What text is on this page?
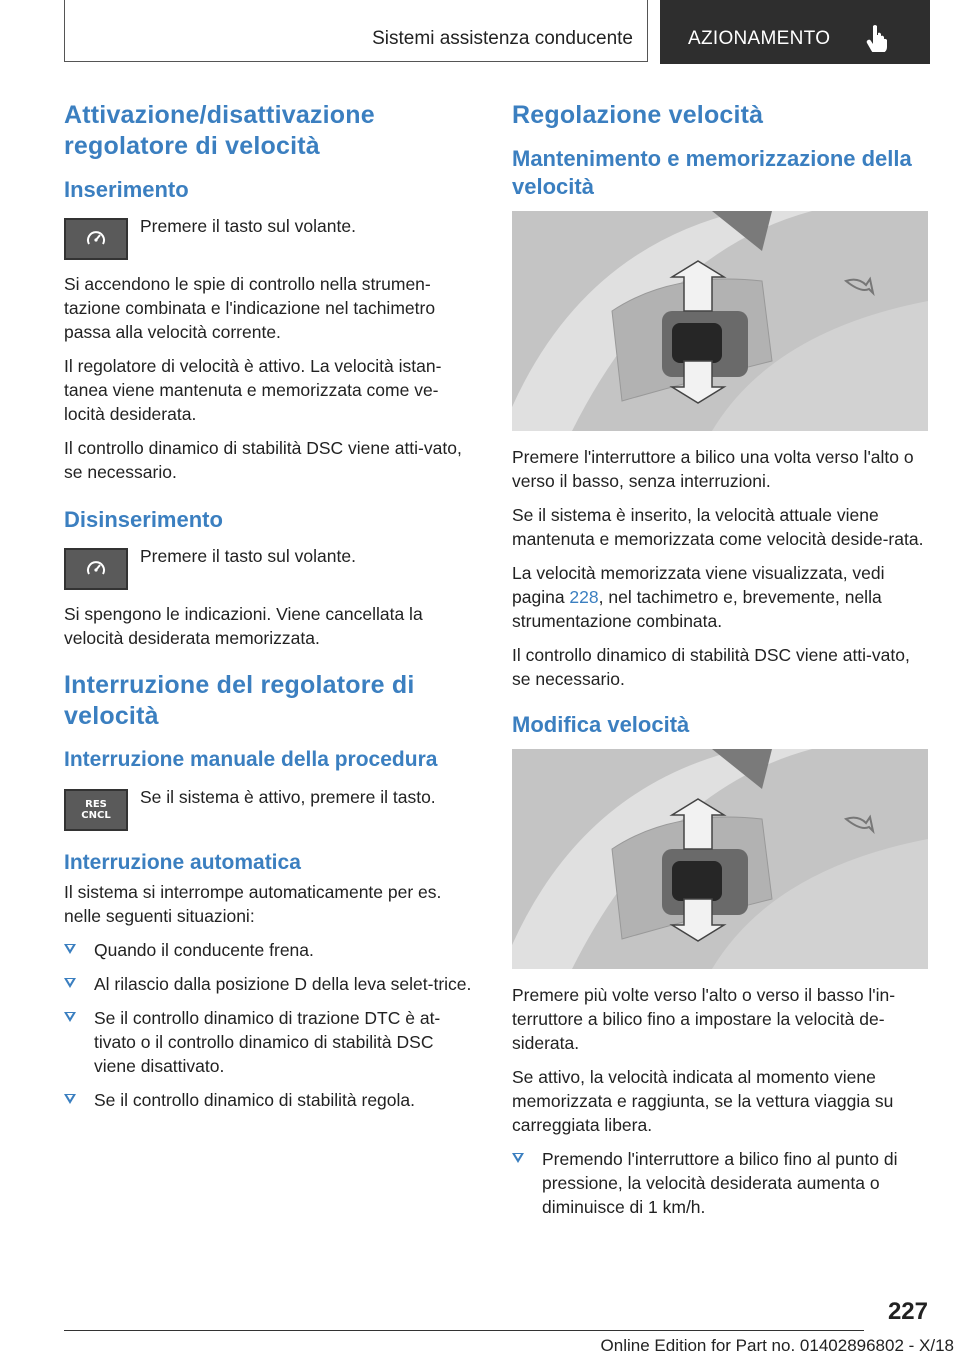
Sistemi assistenza conducente	AZIONAMENTO
Attivazione/disattivazione regolatore di velocità
Inserimento

Premere il tasto sul volante.

Si accendono le spie di controllo nella strumen‐tazione combinata e l'indicazione nel tachimetro passa alla velocità corrente.

Il regolatore di velocità è attivo. La velocità istan‐tanea viene mantenuta e memorizzata come ve‐locità desiderata.

Il controllo dinamico di stabilità DSC viene atti‐vato, se necessario.

Disinserimento

Premere il tasto sul volante.

Si spengono le indicazioni. Viene cancellata la velocità desiderata memorizzata.

Interruzione del regolatore di velocità
Interruzione manuale della procedura
RES
CNCL

Se il sistema è attivo, premere il tasto.

Interruzione automatica

Il sistema si interrompe automaticamente per es. nelle seguenti situazioni:

Quando il conducente frena.
Al rilascio dalla posizione D della leva selet‐trice.
Se il controllo dinamico di trazione DTC è at‐tivato o il controllo dinamico di stabilità DSC viene disattivato.
Se il controllo dinamico di stabilità regola.
Regolazione velocità
Mantenimento e memorizzazione della velocità

Premere l'interruttore a bilico una volta verso l'alto o verso il basso, senza interruzioni.

Se il sistema è inserito, la velocità attuale viene mantenuta e memorizzata come velocità deside‐rata.

La velocità memorizzata viene visualizzata, vedi pagina 228, nel tachimetro e, brevemente, nella strumentazione combinata.

Il controllo dinamico di stabilità DSC viene atti‐vato, se necessario.

Modifica velocità

Premere più volte verso l'alto o verso il basso l'in‐terruttore a bilico fino a impostare la velocità de‐siderata.

Se attivo, la velocità indicata al momento viene memorizzata e raggiunta, se la vettura viaggia su carreggiata libera.

Premendo l'interruttore a bilico fino al punto di pressione, la velocità desiderata aumenta o diminuisce di 1 km/h.
227
Online Edition for Part no. 01402896802 - X/18
